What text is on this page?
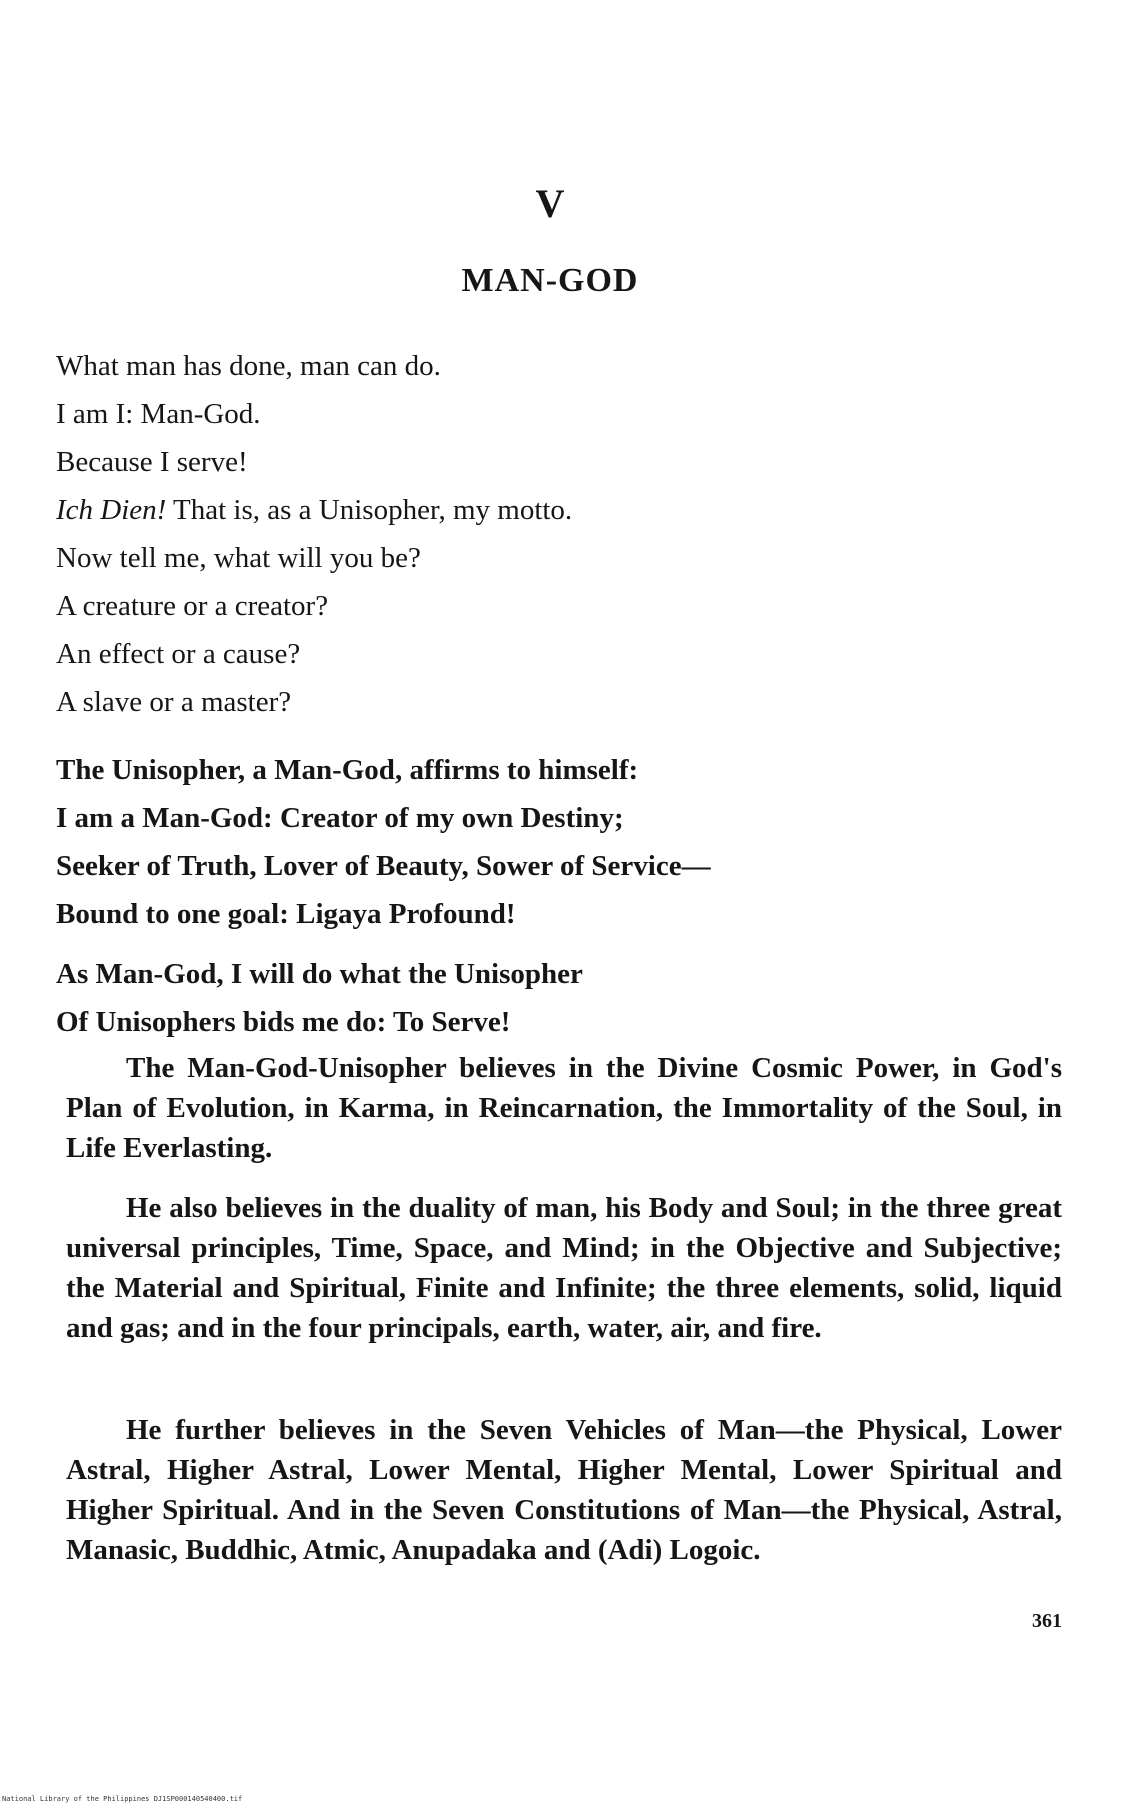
V
MAN-GOD
What man has done, man can do.
I am I: Man-God.
Because I serve!
Ich Dien! That is, as a Unisopher, my motto.
Now tell me, what will you be?
A creature or a creator?
An effect or a cause?
A slave or a master?
The Unisopher, a Man-God, affirms to himself:
I am a Man-God: Creator of my own Destiny;
Seeker of Truth, Lover of Beauty, Sower of Service—
Bound to one goal: Ligaya Profound!
As Man-God, I will do what the Unisopher
Of Unisophers bids me do: To Serve!

The Man-God-Unisopher believes in the Divine Cosmic Power, in God's Plan of Evolution, in Karma, in Reincarnation, the Immortality of the Soul, in Life Everlasting.

He also believes in the duality of man, his Body and Soul; in the three great universal principles, Time, Space, and Mind; in the Objective and Subjective; the Material and Spiritual, Finite and Infinite; the three elements, solid, liquid and gas; and in the four principals, earth, water, air, and fire.

He further believes in the Seven Vehicles of Man—the Physical, Lower Astral, Higher Astral, Lower Mental, Higher Mental, Lower Spiritual and Higher Spiritual. And in the Seven Constitutions of Man—the Physical, Astral, Manasic, Buddhic, Atmic, Anupadaka and (Adi) Logoic.

361
National Library of the Philippines DJ1SP000140540400.tif
